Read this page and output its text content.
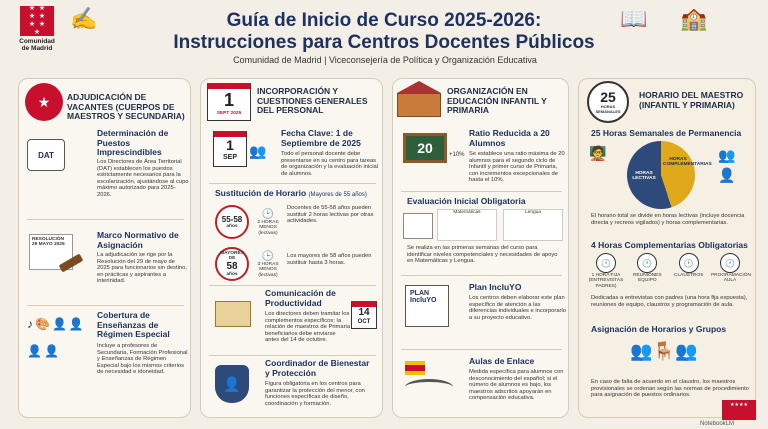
★ ★
★ ★
★ ★
★
Comunidad
de Madrid
✍	🏫
📖
Guía de Inicio de Curso 2025-2026:
Instrucciones para Centros Docentes Públicos
Comunidad de Madrid | Viceconsejería de Política y Organización Educativa
★	ADJUDICACIÓN DE VACANTES (CUERPOS DE MAESTROS Y SECUNDARIA)
DAT
Determinación de Puestos Imprescindibles
Los Directores de Área Territorial (DAT) establecen los puestos estrictamente necesarios para la escolarización, ajustándose al cupo máximo autorizado para 2025-2026.
RESOLUCIÓN 29 MAYO 2025
Marco Normativo de Asignación
La adjudicación se rige por la Resolución del 29 de mayo de 2025 para funcionarios sin destino, en prácticas y aspirantes a interinidad.
♪ 🎨 👤 👤
👤 👤
Cobertura de Enseñanzas de Régimen Especial
Incluye a profesores de Secundaria, Formación Profesional y Enseñanzas de Régimen Especial bajo los mismos criterios de necesidad e idoneidad.
1
SEPT 2025
INCORPORACIÓN Y CUESTIONES GENERALES DEL PERSONAL
1
SEP 👥
Fecha Clave: 1 de Septiembre de 2025
Todo el personal docente debe presentarse en su centro para tareas de organización y la evaluación inicial de alumnos.
Sustitución de Horario (Mayores de 55 años)
55-58
años
🕑
2 HORAS MENOS (lectivas)
Docentes de 55-58 años pueden sustituir 2 horas lectivas por otras actividades.
MAYORES DE
58
años
🕒
3 HORAS MENOS (lectivas)
Los mayores de 58 años pueden sustituir hasta 3 horas.
Comunicación de Productividad
Los directores deben tramitar los complementos específicos; la relación de maestros de Primaria beneficiarios debe enviarse antes del 14 de octubre.
14
OCT
👤
Coordinador de Bienestar y Protección
Figura obligatoria en los centros para garantizar la protección del menor, con funciones específicas de diseño, coordinación y formación.
ORGANIZACIÓN EN EDUCACIÓN INFANTIL Y PRIMARIA
20	+10%
Ratio Reducida a 20 Alumnos
Se establece una ratio máxima de 20 alumnos para el segundo ciclo de Infantil y primer curso de Primaria, con incrementos excepcionales de hasta el 10%.
Evaluación Inicial Obligatoria
Matemáticas	Lengua
Se realiza en las primeras semanas del curso para identificar niveles competenciales y necesidades de apoyo en Matemáticas y Lengua.
PLAN IncluYO
Plan IncluYO
Los centros deben elaborar este plan específico de atención a las diferencias individuales e incorporarlo a su proyecto educativo.
Aulas de Enlace
Medida específica para alumnos con desconocimiento del español; si el número de alumnos es bajo, los maestros adscritos apoyarán en compensación educativa.
25
HORAS SEMANALES
HORARIO DEL MAESTRO (INFANTIL Y PRIMARIA)
25 Horas Semanales de Permanencia
🧑‍🏫
HORAS LECTIVAS
HORAS COMPLEMENTARIAS
👥
👤
El horario total se divide en horas lectivas (incluye docencia directa y recreos vigilados) y horas complementarias.
4 Horas Complementarias Obligatorias
🕐
1 HORA FIJA (ENTREVISTAS PADRES)
🕐
REUNIONES EQUIPO
🕐
CLAUSTROS
🕐
PROGRAMACIÓN AULA
Dedicadas a entrevistas con padres (una hora fija expuesta), reuniones de equipo, claustros y programación de aula.
Asignación de Horarios y Grupos
👥🪑👥
En caso de falta de acuerdo en el claustro, los maestros provisionales se ordenan según las normas de procedimiento para asignación de puestos ordinarios.
★★★★
NotebookLM
